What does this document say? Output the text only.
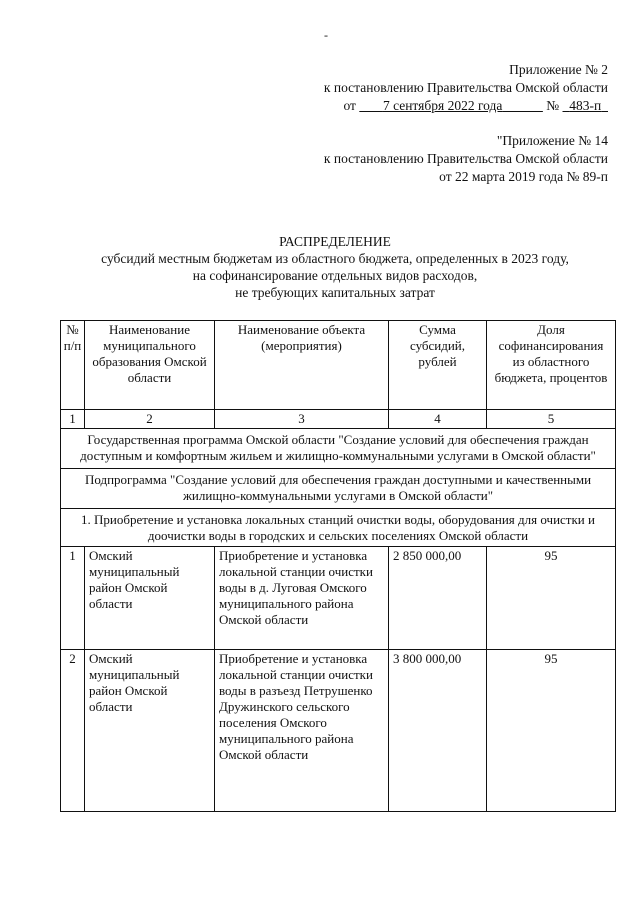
-
Приложение № 2
к постановлению Правительства Омской области
от 7 сентября 2022 года	№ 483-п
"Приложение № 14
к постановлению Правительства Омской области
от 22 марта 2019 года № 89-п
РАСПРЕДЕЛЕНИЕ
субсидий местным бюджетам из областного бюджета, определенных в 2023 году,
на софинансирование отдельных видов расходов,
не требующих капитальных затрат
№ п/п	Наименование муниципального образования Омской области	Наименование объекта (мероприятия)	Сумма субсидий, рублей	Доля софинансирования из областного бюджета, процентов
1	2	3	4	5
Государственная программа Омской области "Создание условий для обеспечения граждан доступным и комфортным жильем и жилищно-коммунальными услугами в Омской области"				
Подпрограмма "Создание условий для обеспечения граждан доступными и качественными жилищно-коммунальными услугами в Омской области"				
1. Приобретение и установка локальных станций очистки воды, оборудования для очистки и доочистки воды в городских и сельских поселениях Омской области				
1	Омский муниципальный район Омской области	Приобретение и установка локальной станции очистки воды в д. Луговая Омского муниципального района Омской области	2 850 000,00	95
2	Омский муниципальный район Омской области	Приобретение и установка локальной станции очистки воды в разъезд Петрушенко Дружинского сельского поселения Омского муниципального района Омской области	3 800 000,00	95
